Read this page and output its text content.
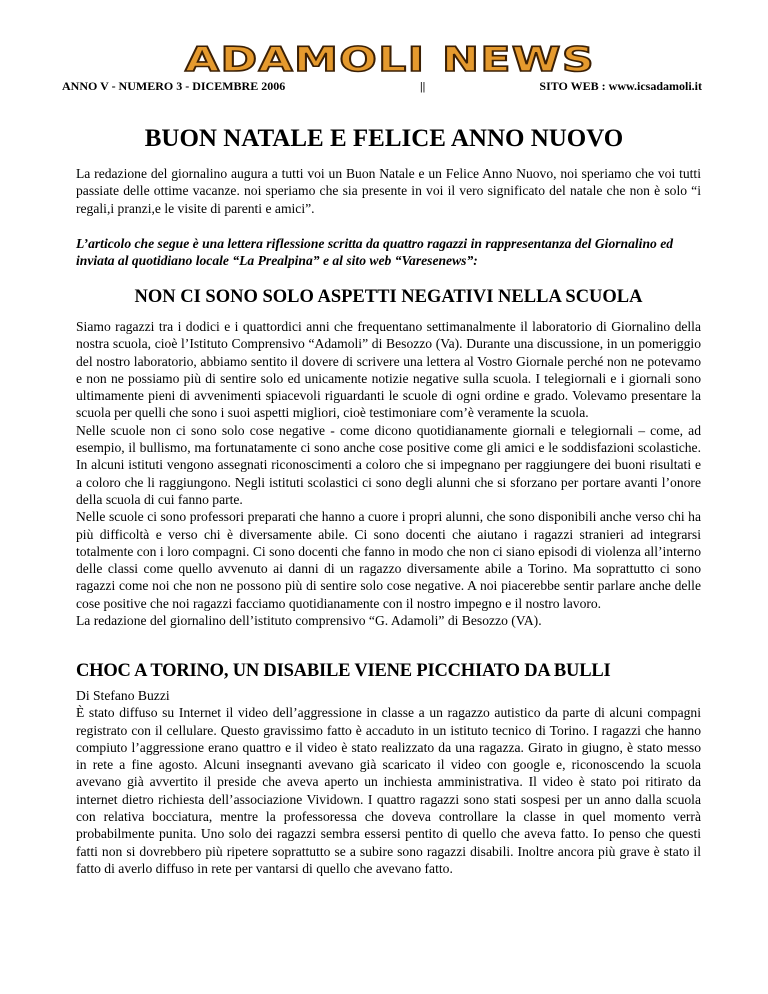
ADAMOLI NEWS
ANNO V - NUMERO 3 - DICEMBRE 2006	||	SITO WEB : www.icsadamoli.it
BUON NATALE E FELICE ANNO NUOVO

La redazione del giornalino augura a tutti voi un Buon Natale e un Felice Anno Nuovo, noi speriamo che voi tutti passiate delle ottime vacanze. noi speriamo che sia presente in voi il vero significato del natale che non è solo “i regali,i pranzi,e le visite di parenti e amici”.

L’articolo che segue è una lettera riflessione scritta da quattro ragazzi in rappresentanza del Giornalino ed inviata al quotidiano locale “La Prealpina” e al sito web “Varesenews”:

NON CI SONO SOLO ASPETTI NEGATIVI NELLA SCUOLA

Siamo ragazzi tra i dodici e i quattordici anni che frequentano settimanalmente il laboratorio di Giornalino della nostra scuola, cioè l’Istituto Comprensivo “Adamoli” di Besozzo (Va). Durante una discussione, in un pomeriggio del nostro laboratorio, abbiamo sentito il dovere di scrivere una lettera al Vostro Giornale perché non ne potevamo e non ne possiamo più di sentire solo ed unicamente notizie negative sulla scuola. I telegiornali e i giornali sono ultimamente pieni di avvenimenti spiacevoli riguardanti le scuole di ogni ordine e grado. Volevamo presentare la scuola per quelli che sono i suoi aspetti migliori, cioè testimoniare com’è veramente la scuola.

Nelle scuole non ci sono solo cose negative - come dicono quotidianamente giornali e telegiornali – come, ad esempio, il bullismo, ma fortunatamente ci sono anche cose positive come gli amici e le soddisfazioni scolastiche. In alcuni istituti vengono assegnati riconoscimenti a coloro che si impegnano per raggiungere dei buoni risultati e a coloro che li raggiungono. Negli istituti scolastici ci sono degli alunni che si sforzano per portare avanti l’onore della scuola di cui fanno parte.

Nelle scuole ci sono professori preparati che hanno a cuore i propri alunni, che sono disponibili anche verso chi ha più difficoltà e verso chi è diversamente abile. Ci sono docenti che aiutano i ragazzi stranieri ad integrarsi totalmente con i loro compagni. Ci sono docenti che fanno in modo che non ci siano episodi di violenza all’interno delle classi come quello avvenuto ai danni di un ragazzo diversamente abile a Torino. Ma soprattutto ci sono ragazzi come noi che non ne possono più di sentire solo cose negative. A noi piacerebbe sentir parlare anche delle cose positive che noi ragazzi facciamo quotidianamente con il nostro impegno e il nostro lavoro.

La redazione del giornalino dell’istituto comprensivo “G. Adamoli” di Besozzo (VA).

CHOC A TORINO, UN DISABILE VIENE PICCHIATO DA BULLI

Di Stefano Buzzi

È stato diffuso su Internet il video dell’aggressione in classe a un ragazzo autistico da parte di alcuni compagni registrato con il cellulare. Questo gravissimo fatto è accaduto in un istituto tecnico di Torino. I ragazzi che hanno compiuto l’aggressione erano quattro e il video è stato realizzato da una ragazza. Girato in giugno, è stato messo in rete a fine agosto. Alcuni insegnanti avevano già scaricato il video con google e, riconoscendo la scuola avevano già avvertito il preside che aveva aperto un inchiesta amministrativa. Il video è stato poi ritirato da internet dietro richiesta dell’associazione Vividown. I quattro ragazzi sono stati sospesi per un anno dalla scuola con relativa bocciatura, mentre la professoressa che doveva controllare la classe in quel momento verrà probabilmente punita. Uno solo dei ragazzi sembra essersi pentito di quello che aveva fatto. Io penso che questi fatti non si dovrebbero più ripetere soprattutto se a subire sono ragazzi disabili. Inoltre ancora più grave è stato il fatto di averlo diffuso in rete per vantarsi di quello che avevano fatto.
